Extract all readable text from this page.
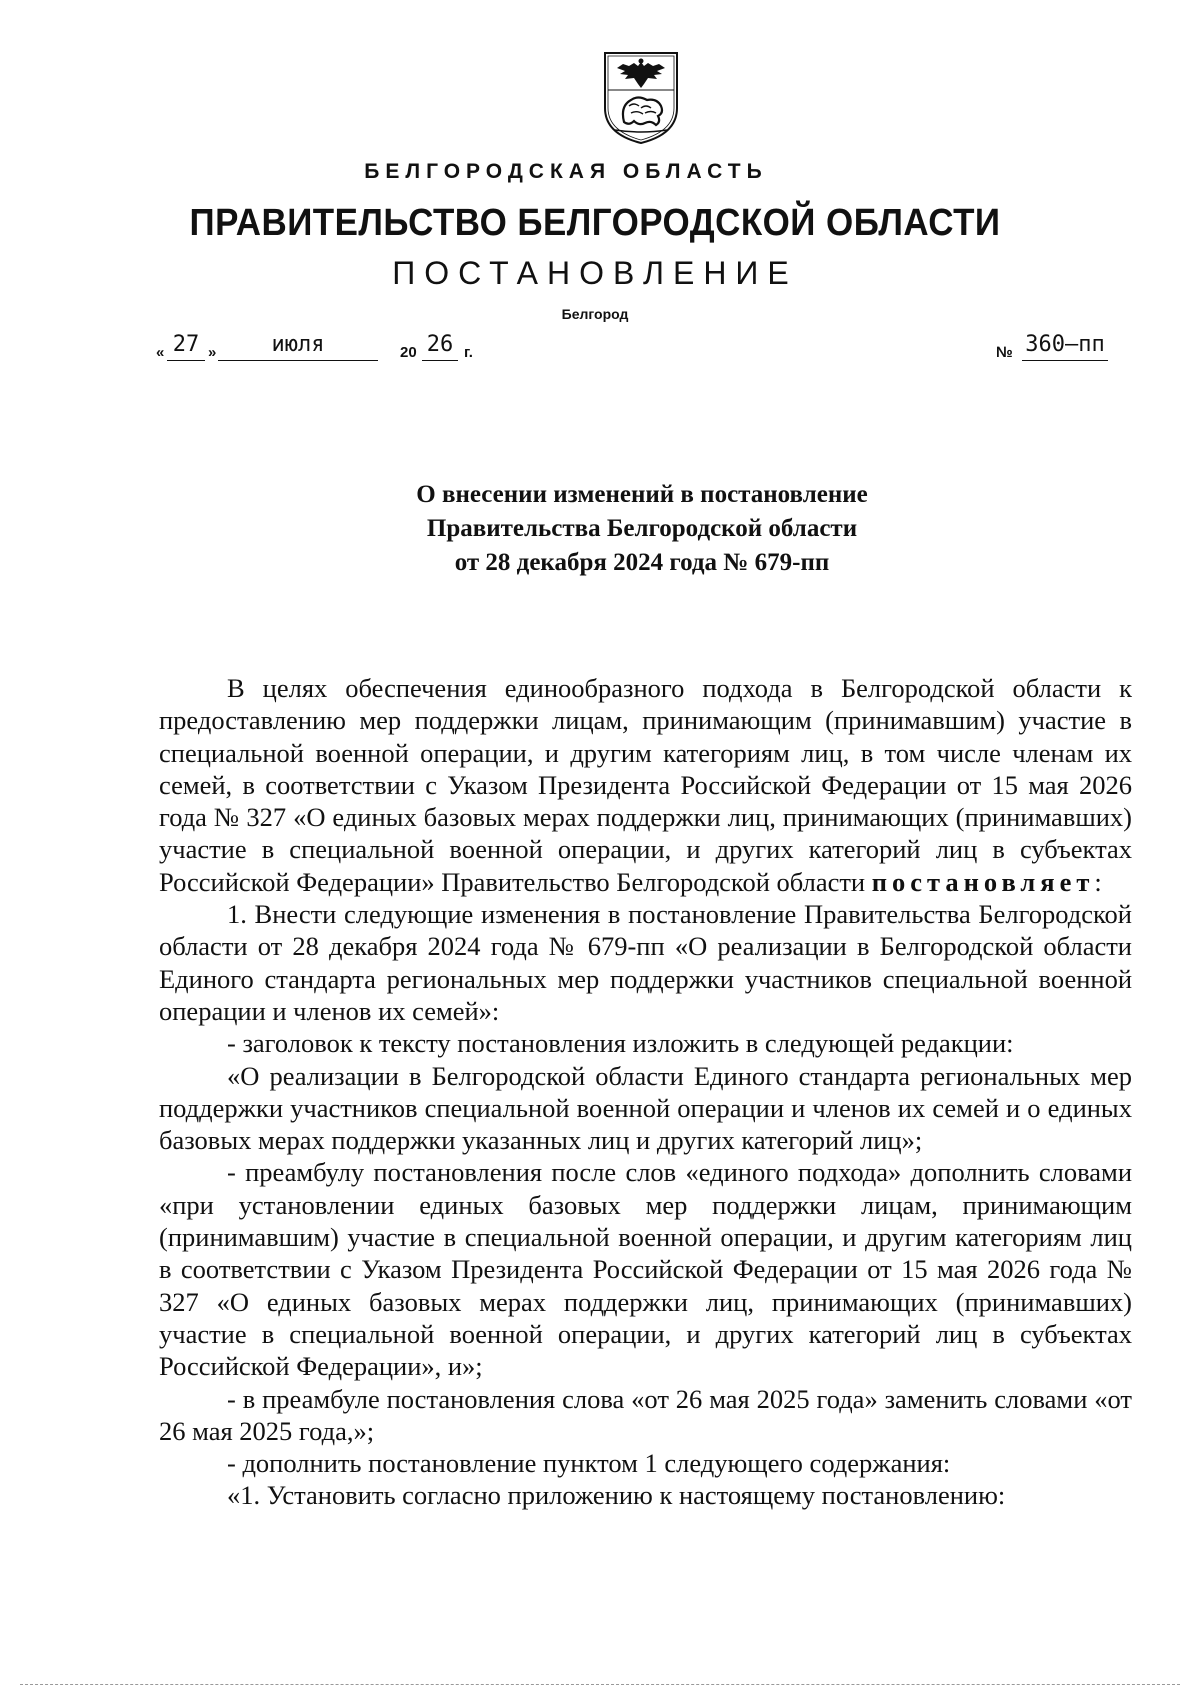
БЕЛГОРОДСКАЯ ОБЛАСТЬ
ПРАВИТЕЛЬСТВО БЕЛГОРОДСКОЙ ОБЛАСТИ
ПОСТАНОВЛЕНИЕ
Белгород
« 27 »	июля	20 26 г.	№ 360–пп
О внесении изменений в постановление
Правительства Белгородской области
от 28 декабря 2024 года № 679-пп

В целях обеспечения единообразного подхода в Белгородской области к предоставлению мер поддержки лицам, принимающим (принимавшим) участие в специальной военной операции, и другим категориям лиц, в том числе членам их семей, в соответствии с Указом Президента Российской Федерации от 15 мая 2026 года № 327 «О единых базовых мерах поддержки лиц, принимающих (принимавших) участие в специальной военной операции, и других категорий лиц в субъектах Российской Федерации» Правительство Белгородской области постановляет:

1. Внести следующие изменения в постановление Правительства Белгородской области от 28 декабря 2024 года № 679-пп «О реализации в Белгородской области Единого стандарта региональных мер поддержки участников специальной военной операции и членов их семей»:

- заголовок к тексту постановления изложить в следующей редакции:

«О реализации в Белгородской области Единого стандарта региональных мер поддержки участников специальной военной операции и членов их семей и о единых базовых мерах поддержки указанных лиц и других категорий лиц»;

- преамбулу постановления после слов «единого подхода» дополнить словами «при установлении единых базовых мер поддержки лицам, принимающим (принимавшим) участие в специальной военной операции, и другим категориям лиц в соответствии с Указом Президента Российской Федерации от 15 мая 2026 года № 327 «О единых базовых мерах поддержки лиц, принимающих (принимавших) участие в специальной военной операции, и других категорий лиц в субъектах Российской Федерации», и»;

- в преамбуле постановления слова «от 26 мая 2025 года» заменить словами «от 26 мая 2025 года,»;

- дополнить постановление пунктом 1 следующего содержания:

«1. Установить согласно приложению к настоящему постановлению:
